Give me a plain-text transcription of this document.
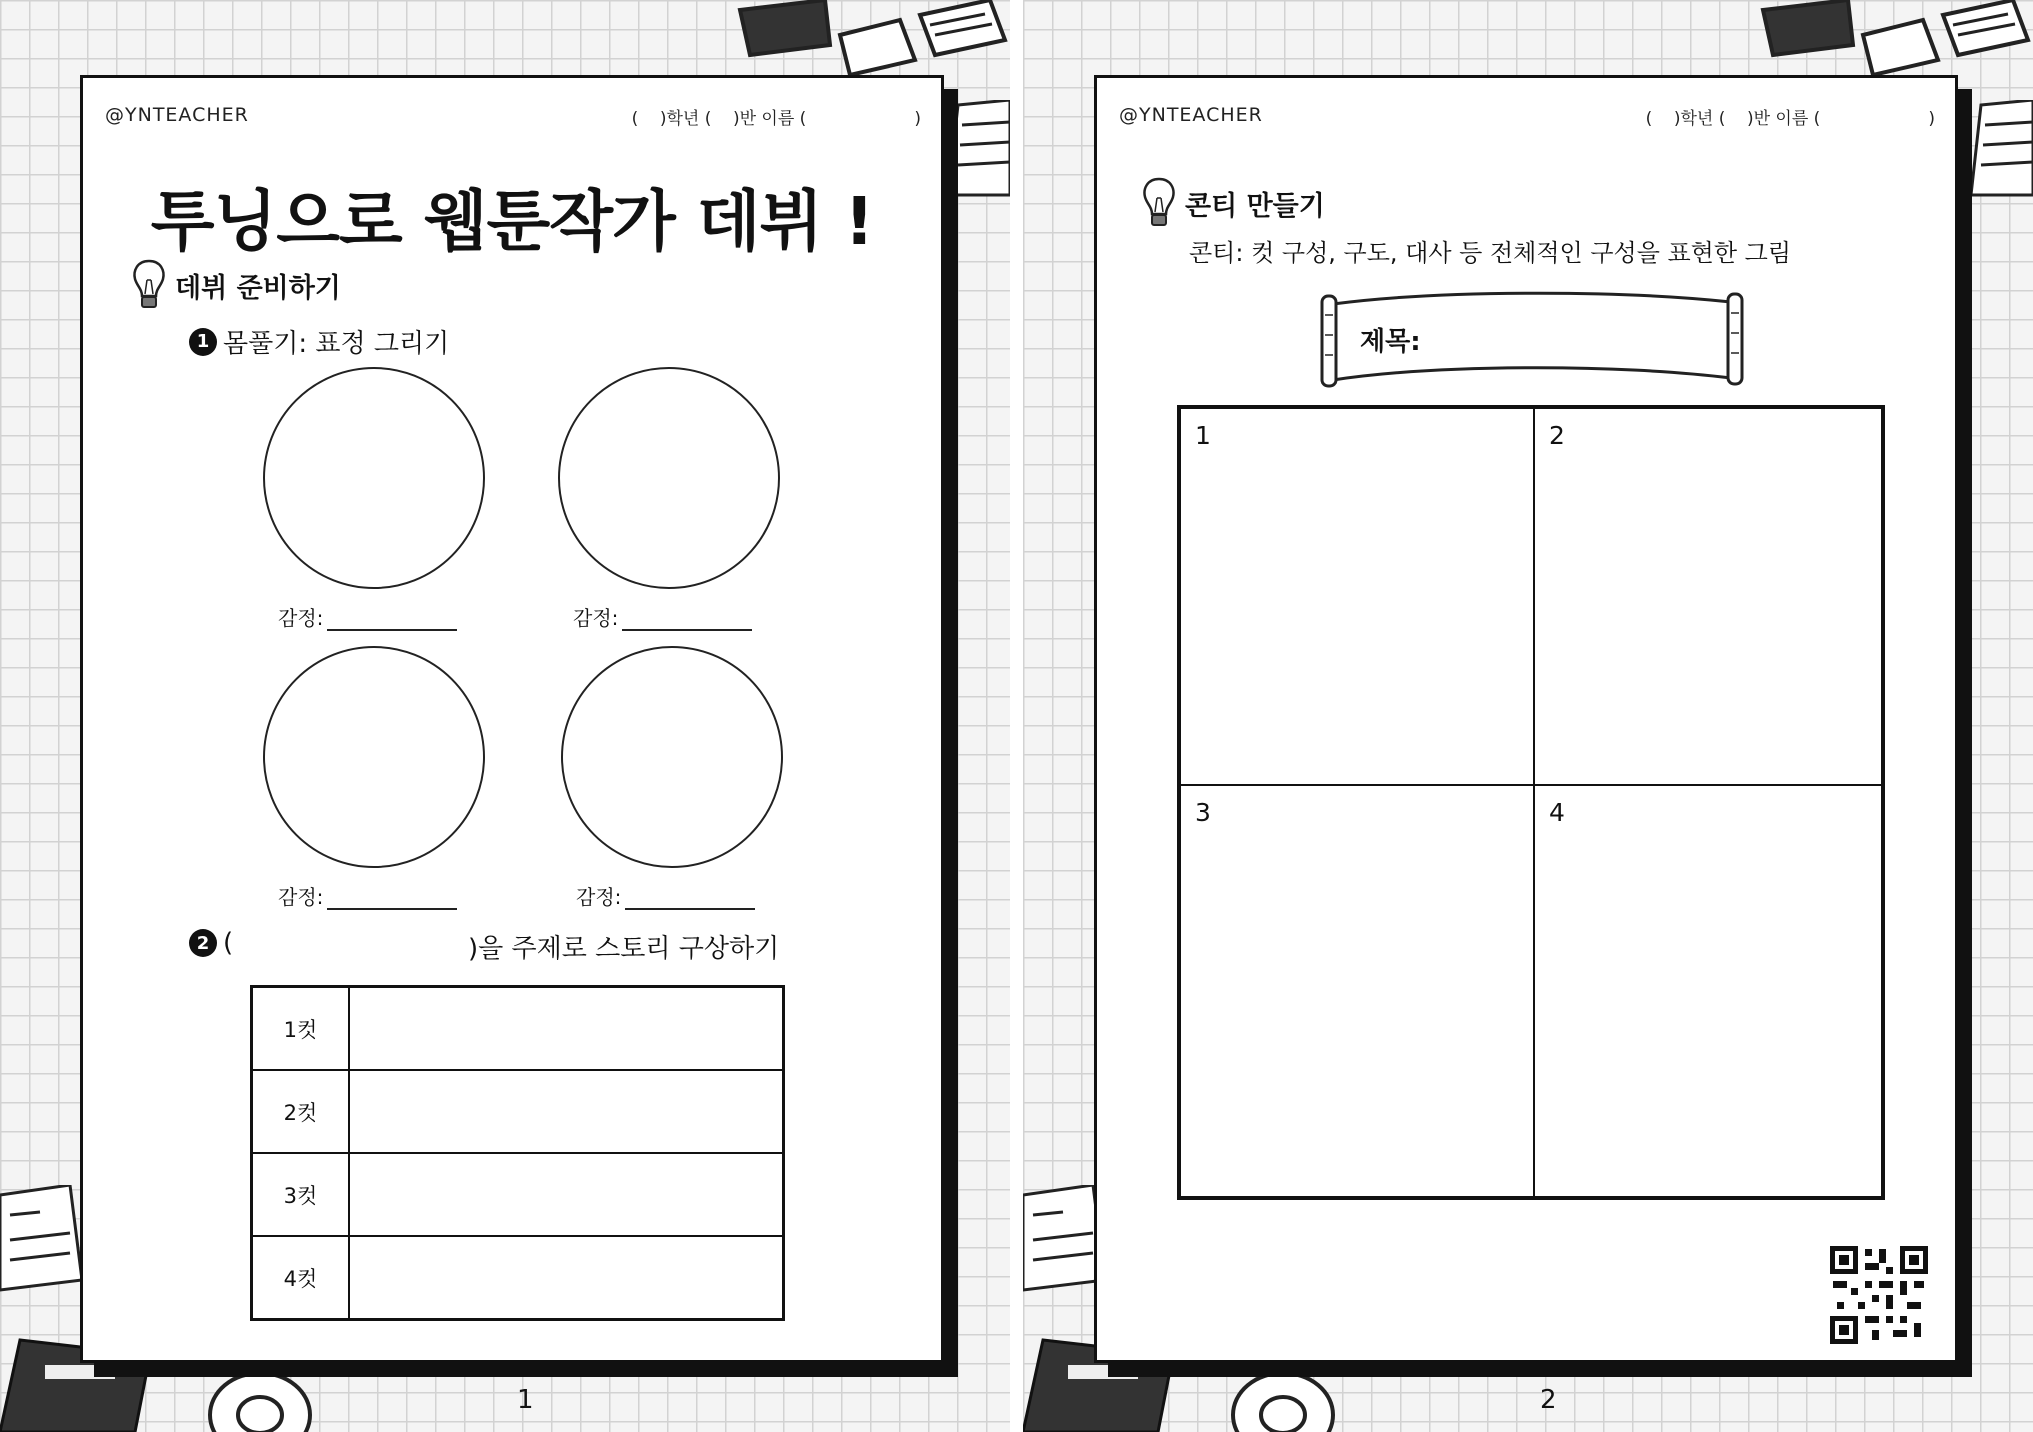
@YNTEACHER	(    )학년 (    )반 이름 (                    )
투닝으로 웹툰작가 데뷔 !
데뷔 준비하기
1 몸풀기: 표정 그리기
감정:	감정:
감정:	감정:
2 (	)을 주제로 스토리 구상하기
1컷	
2컷	
3컷	
4컷	
1
@YNTEACHER	(    )학년 (    )반 이름 (                    )
콘티 만들기
콘티: 컷 구성, 구도, 대사 등 전체적인 구성을 표현한 그림
제목:
1	2
3	4
2
